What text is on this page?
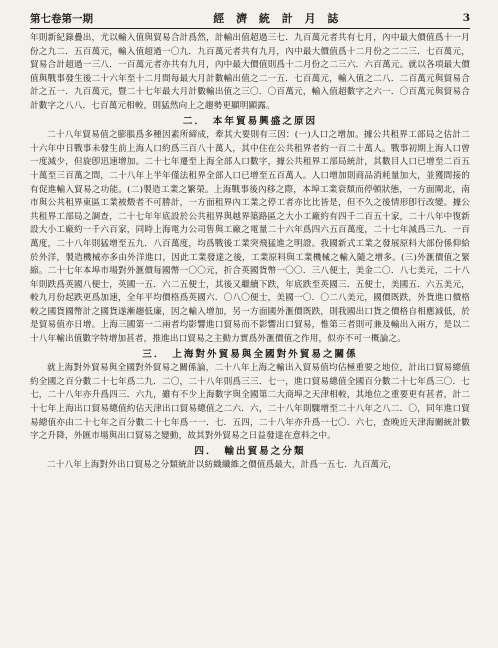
第七卷第一期	經 濟 統 計 月 誌	3

年則新紀錄疊出，尤以輸入值與貿易合計爲然，計輸出值超過三七．九百萬元者共有七月，內中最大價值爲十一月份之九二．五百萬元，輸入值超過一〇九．九百萬元者共有九月，內中最大價值爲十二月份之二二三．七百萬元，貿易合計超過一三八．一百萬元者亦共有九月，內中最大價值則爲十二月份之二三六．六百萬元。就以各項最大價值與戰事發生後二十六年至十二月間每最大月計數輸出值之二一五．七百萬元，輸入值之二八．二百萬元與貿易合計之五一．九百萬元，暨二十七年最大月計數輸出值之三〇．〇百萬元，輸入值超數字之六一．〇百萬元與貿易合計數字之八八．七百萬元相較，則猛然向上之趨勢更顯明顯露。

二．　本年貿易興盛之原因

二十八年貿易值之膨脹爲多種因素所締成，牽其大要則有三因：(一)人口之增加。據公共租界工部局之估計二十六年中日戰事未發生前上海人口約爲三百八十萬人，其中住在公共租界者約一百二十萬人。戰事初期上海人口曾一度減少，但旋卽迅速增加。二十七年遷至上海全部人口數字，據公共租界工部局統計，其數目人口已增至二百五十萬至三百萬之間，二十八年上半年僅法租界全部人口已增至五百萬人。人口增加則商品消耗量加大，並獲間接的有促進輸入貿易之功能。(二)製造工業之繁榮。上海戰事後內移之際，本埠工業衰頹而停頓狀態，一方面閘北，南市與公共租界東區工業被燬者不可勝計，一方面租界內工業之停工者亦比比皆是，但不久之後情形卽行改變。據公共租界工部局之調查，二十七年年底設於公共租界與越界築路區之大小工廠約有四千二百五十家，二十八年中復新設大小工廠約一千六百家，同時上海電力公司售與工廠之電量二十六年爲四六五百萬度，二十七年減爲三九．一百萬度，二十八年則猛增至五九．八百萬度，均爲戰後工業突飛猛進之明證。我國新式工業之發展原料大部份係仰給於外洋，製造機械亦多由外洋進口，因此工業發達之後，工業原料與工業機械之輸入隨之增多。(三)外滙價值之緊縮。二十七年本埠市場對外滙價每國幣一〇〇元，折合英國貨幣一〇〇．三八便士，美金二〇．八七美元，二十八年則跌爲英國八便士，英國一五．六二五便士，其後又繼續下跌，年底跌至英國三．五便士，美國五．六五美元，較九月份起跌更爲加速，全年平均價格爲英國六．〇八〇便士，美國一〇．〇二八美元，國價既跌，外貨進口價格較之國貨國幣計之國貨遂漸趨低廉，因之輸入增加，另一方面國外滙價既跌，則我國出口貨之價格自相應減低，於是貿易值亦日增。上海三國第一二兩者均影響進口貿易而不影響出口貿易，惟第三者則可兼及輸出入兩方，是以二十八年輸出值數字特增加甚者，推進出口貿易之主動力實爲外滙價值之作用，似亦不可一概論之。

三．　上海對外貿易與全國對外貿易之關係

就上海對外貿易與全國對外貿易之關係論，二十八年上海之輸出入貿易值均佔極重要之地位，計出口貿易總值約全國之百分數二十七年爲二九．二〇，二十八年則爲三三．七一，進口貿易總值全國百分數二十七年爲三〇．七七，二十八年亦升爲四三．六九，雖有不少上海數字與全國第二大商埠之天津相較，其地位之重要更有甚者，計二十七年上海出口貿易總值約佔天津出口貿易總值之二六．六，二十八年則驟增至二十八年之八二．〇，同年進口貿易總值亦由二十七年之百分數二十七年爲一一．七．五四，二十八年亦升爲一七〇．六七，查晚近天津海關統計數字之升降，外匯市場與出口貿易之變動，故其對外貿易之日益發達在意料之中。

四．　輸出貿易之分類

二十八年上海對外出口貿易之分類統計以紡織纖維之價值爲最大，計爲一五七．九百萬元，
